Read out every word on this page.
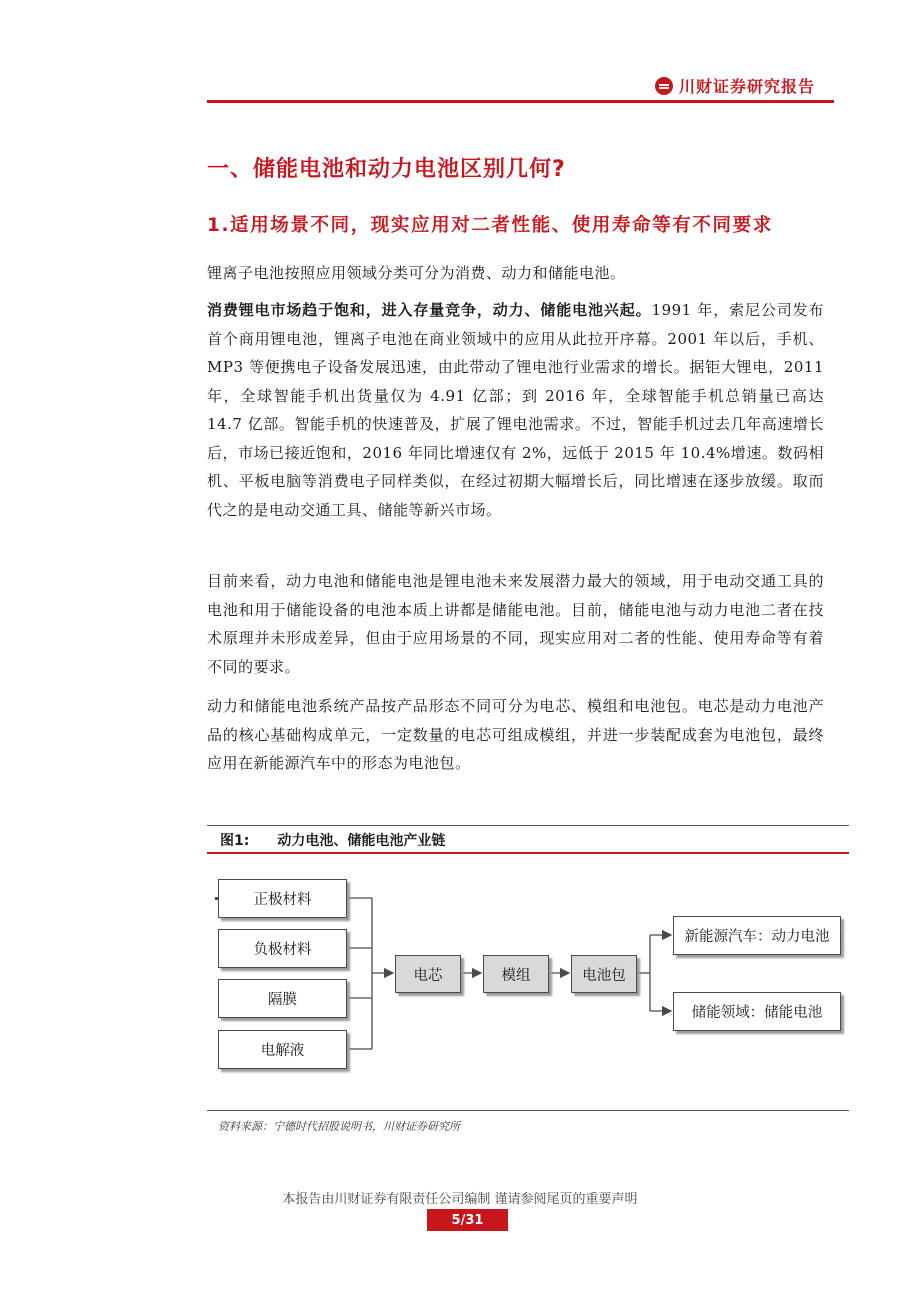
川财证券研究报告
一、储能电池和动力电池区别几何?
1.适用场景不同，现实应用对二者性能、使用寿命等有不同要求
锂离子电池按照应用领域分类可分为消费、动力和储能电池。
消费锂电市场趋于饱和，进入存量竞争，动力、储能电池兴起。1991 年，索尼公司发布首个商用锂电池，锂离子电池在商业领域中的应用从此拉开序幕。2001 年以后，手机、MP3 等便携电子设备发展迅速，由此带动了锂电池行业需求的增长。据钜大锂电，2011 年，全球智能手机出货量仅为 4.91 亿部；到 2016 年，全球智能手机总销量已高达 14.7 亿部。智能手机的快速普及，扩展了锂电池需求。不过，智能手机过去几年高速增长后，市场已接近饱和，2016 年同比增速仅有 2%，远低于 2015 年 10.4%增速。数码相机、平板电脑等消费电子同样类似，在经过初期大幅增长后，同比增速在逐步放缓。取而代之的是电动交通工具、储能等新兴市场。
目前来看，动力电池和储能电池是锂电池未来发展潜力最大的领域，用于电动交通工具的电池和用于储能设备的电池本质上讲都是储能电池。目前，储能电池与动力电池二者在技术原理并未形成差异，但由于应用场景的不同，现实应用对二者的性能、使用寿命等有着不同的要求。
动力和储能电池系统产品按产品形态不同可分为电芯、模组和电池包。电芯是动力电池产品的核心基础构成单元，一定数量的电芯可组成模组，并进一步装配成套为电池包，最终应用在新能源汽车中的形态为电池包。
图1: 动力电池、储能电池产业链
正极材料
负极材料
隔膜
电解液
电芯	模组	电池包
新能源汽车：动力电池
储能领域：储能电池
资料来源：宁德时代招股说明书，川财证券研究所
本报告由川财证券有限责任公司编制 谨请参阅尾页的重要声明
5/31
